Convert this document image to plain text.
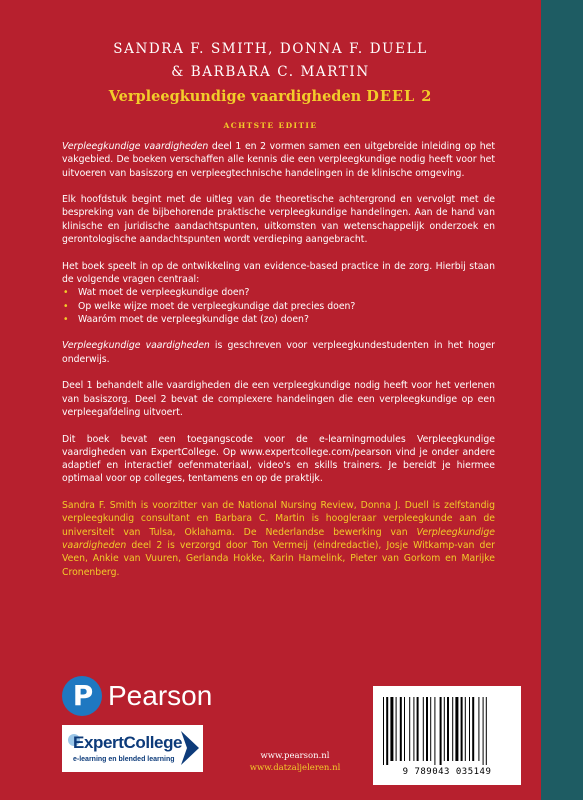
SANDRA F. SMITH, DONNA F. DUELL
& BARBARA C. MARTIN
Verpleegkundige vaardigheden DEEL 2
ACHTSTE EDITIE

Verpleegkundige vaardigheden deel 1 en 2 vormen samen een uitgebreide inleiding op het vakgebied. De boeken verschaffen alle kennis die een verpleegkundige nodig heeft voor het uitvoeren van basiszorg en verpleegtechnische handelingen in de klinische omgeving.

Elk hoofdstuk begint met de uitleg van de theoretische achtergrond en vervolgt met de bespreking van de bijbehorende praktische verpleegkundige handelingen. Aan de hand van klinische en juridische aandachtspunten, uitkomsten van wetenschappelijk onderzoek en gerontologische aandachtspunten wordt verdieping aangebracht.

Het boek speelt in op de ontwikkeling van evidence-based practice in de zorg. Hierbij staan de volgende vragen centraal:

• Wat moet de verpleegkundige doen?
• Op welke wijze moet de verpleegkundige dat precies doen?
• Waaróm moet de verpleegkundige dat (zo) doen?

Verpleegkundige vaardigheden is geschreven voor verpleegkundestudenten in het hoger onderwijs.

Deel 1 behandelt alle vaardigheden die een verpleegkundige nodig heeft voor het verlenen van basiszorg. Deel 2 bevat de complexere handelingen die een verpleegkundige op een verpleegafdeling uitvoert.

Dit boek bevat een toegangscode voor de e-learningmodules Verpleegkundige vaardigheden van ExpertCollege. Op www.expertcollege.com/pearson vind je onder andere adaptief en interactief oefenmateriaal, video's en skills trainers. Je bereidt je hiermee optimaal voor op colleges, tentamens en op de praktijk.

Sandra F. Smith is voorzitter van de National Nursing Review, Donna J. Duell is zelfstandig verpleegkundig consultant en Barbara C. Martin is hoogleraar verpleegkunde aan de universiteit van Tulsa, Oklahama. De Nederlandse bewerking van Verpleegkundige vaardigheden deel 2 is verzorgd door Ton Vermeij (eindredactie), Josje Witkamp-van der Veen, Ankie van Vuuren, Gerlanda Hokke, Karin Hamelink, Pieter van Gorkom en Marijke Cronenberg.

P Pearson
ExpertCollege
e-learning en blended learning	www.pearson.nl
www.datzaljeleren.nl	9 789043 035149
